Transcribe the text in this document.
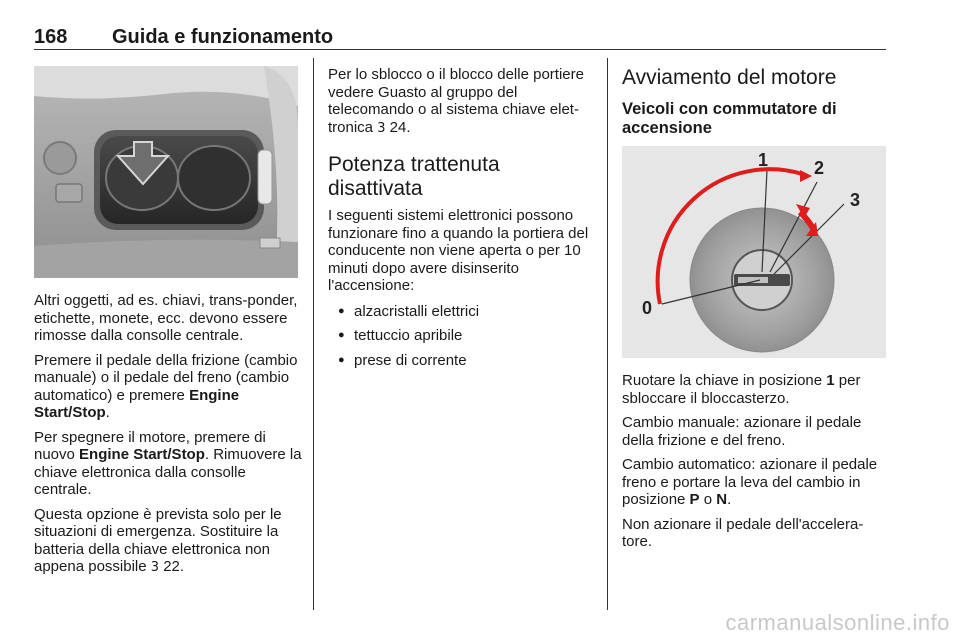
168	Guida e funzionamento

Altri oggetti, ad es. chiavi, trans-ponder, etichette, monete, ecc. devono essere rimosse dalla consolle centrale.

Premere il pedale della frizione (cambio manuale) o il pedale del freno (cambio automatico) e premere Engine Start/Stop.

Per spegnere il motore, premere di nuovo Engine Start/Stop. Rimuovere la chiave elettronica dalla consolle centrale.

Questa opzione è prevista solo per le situazioni di emergenza. Sostituire la batteria della chiave elettronica non appena possibile 3 22.

Per lo sblocco o il blocco delle portiere vedere Guasto al gruppo del telecomando o al sistema chiave elet-tronica 3 24.

Potenza trattenuta disattivata

I seguenti sistemi elettronici possono funzionare fino a quando la portiera del conducente non viene aperta o per 10 minuti dopo avere disinserito l'accensione:

● alzacristalli elettrici
● tettuccio apribile
● prese di corrente
Avviamento del motore
Veicoli con commutatore di accensione
0
1	2
3

Ruotare la chiave in posizione 1 per sbloccare il bloccasterzo.

Cambio manuale: azionare il pedale della frizione e del freno.

Cambio automatico: azionare il pedale freno e portare la leva del cambio in posizione P o N.

Non azionare il pedale dell'accelera-tore.

carmanualsonline.info
